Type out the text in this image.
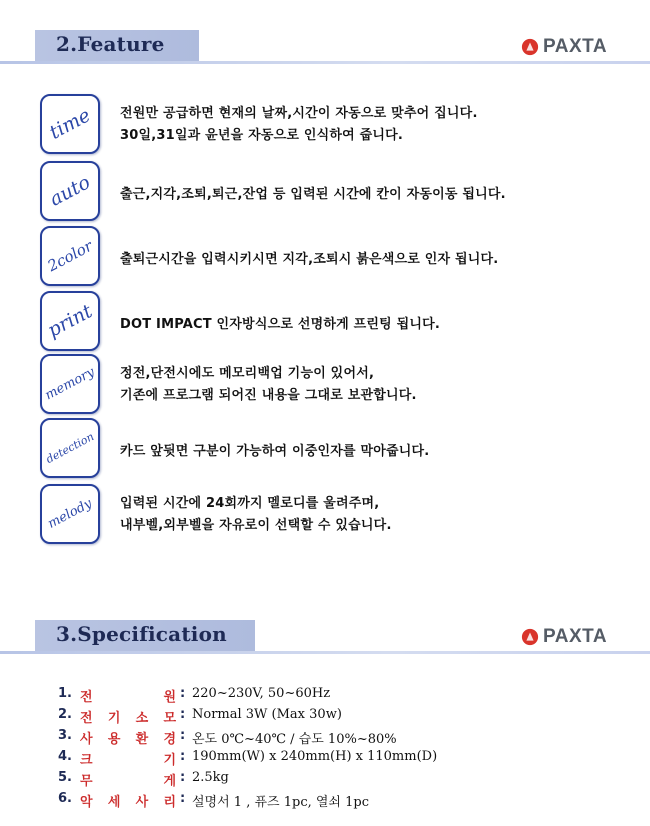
2.Feature	PAXTA
time 전원만 공급하면 현재의 날짜,시간이 자동으로 맞추어 집니다.
30일,31일과 윤년을 자동으로 인식하여 줍니다.
auto 출근,지각,조퇴,퇴근,잔업 등 입력된 시간에 칸이 자동이동 됩니다.
2color 출퇴근시간을 입력시키시면 지각,조퇴시 붉은색으로 인자 됩니다.
print DOT IMPACT 인자방식으로 선명하게 프린팅 됩니다.
memory 정전,단전시에도 메모리백업 기능이 있어서,
기존에 프로그램 되어진 내용을 그대로 보관합니다.
detection 카드 앞뒷면 구분이 가능하여 이중인자를 막아줍니다.
melody 입력된 시간에 24회까지 멜로디를 울려주며,
내부벨,외부벨을 자유로이 선택할 수 있습니다.
3.Specification	PAXTA
1. 전	원 : 220~230V, 50~60Hz
2. 전 기 소 모 : Normal 3W (Max 30w)
3. 사 용 환 경 : 온도 0℃~40℃ / 습도 10%~80%
4. 크	기 : 190mm(W) x 240mm(H) x 110mm(D)
5. 무	게 : 2.5kg
6. 악 세 사 리 : 설명서 1 , 퓨즈 1pc, 열쇠 1pc
